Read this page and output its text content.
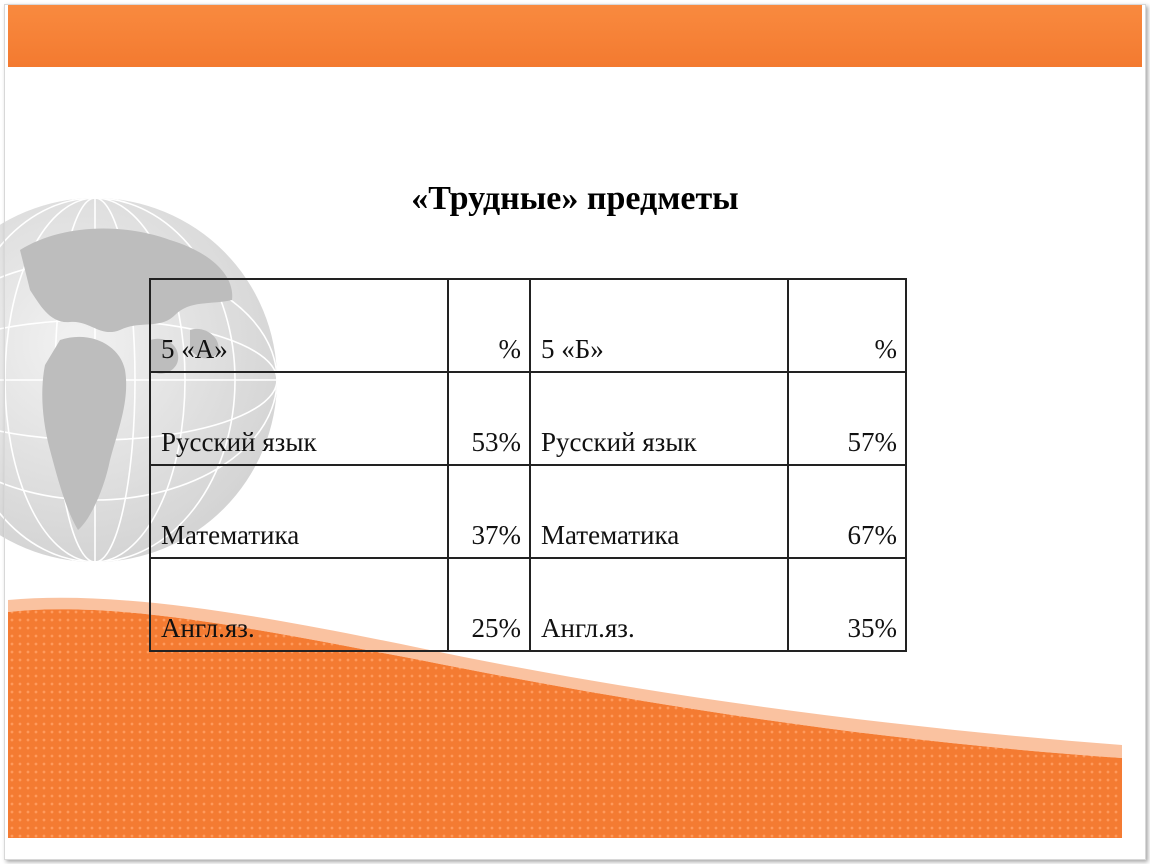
«Трудные» предметы
5 «А»	%	5 «Б»	%
Русский язык	53%	Русский язык	57%
Математика	37%	Математика	67%
Англ.яз.	25%	Англ.яз.	35%
